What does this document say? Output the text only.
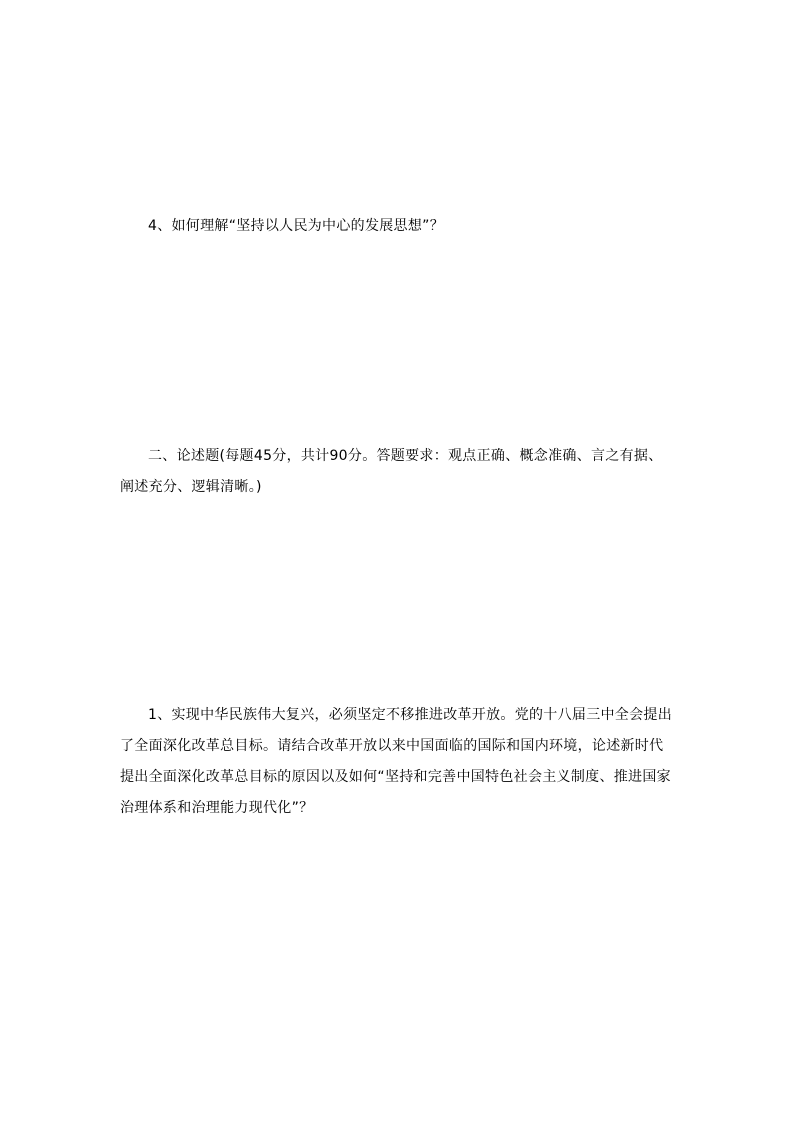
4、如何理解“坚持以人民为中心的发展思想”？

二、论述题(每题45分，共计90分。答题要求：观点正确、概念准确、言之有据、阐述充分、逻辑清晰。)

1、实现中华民族伟大复兴，必须坚定不移推进改革开放。党的十八届三中全会提出了全面深化改革总目标。请结合改革开放以来中国面临的国际和国内环境，论述新时代提出全面深化改革总目标的原因以及如何“坚持和完善中国特色社会主义制度、推进国家治理体系和治理能力现代化”？
